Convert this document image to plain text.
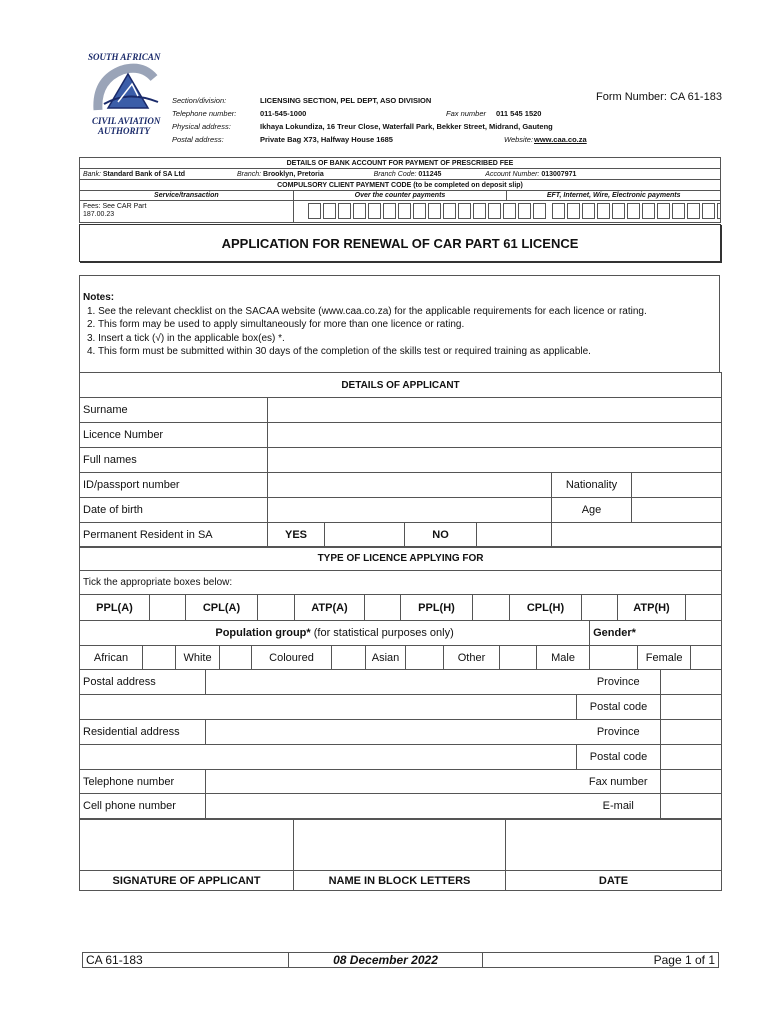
SOUTH AFRICAN
CIVIL AVIATION
AUTHORITY
Form Number: CA 61-183
Section/division:	LICENSING SECTION, PEL DEPT, ASO DIVISION
Telephone number:	011-545-1000	Fax number 011 545 1520
Physical address:	Ikhaya Lokundiza, 16 Treur Close, Waterfall Park, Bekker Street, Midrand, Gauteng
Postal address:	Private Bag X73, Halfway House 1685	Website: www.caa.co.za
DETAILS OF BANK ACCOUNT FOR PAYMENT OF PRESCRIBED FEE		
Bank: Standard Bank of SA Ltd Branch: Brooklyn, Pretoria Branch Code: 011245 Account Number: 013007971		
COMPULSORY CLIENT PAYMENT CODE (to be completed on deposit slip)		
Service/transaction	Over the counter payments	EFT, Internet, Wire, Electronic payments

Fees: See CAR Part
187.00.23		

APPLICATION FOR RENEWAL OF CAR PART 61 LICENCE
Notes:
1. See the relevant checklist on the SACAA website (www.caa.co.za) for the applicable requirements for each licence or rating.
2. This form may be used to apply simultaneously for more than one licence or rating.
3. Insert a tick (√) in the applicable box(es) *.
4. This form must be submitted within 30 days of the completion of the skills test or required training as applicable.
DETAILS OF APPLICANT						
Surname						
Licence Number						
Full names						
ID/passport number					Nationality	
Date of birth					Age	
Permanent Resident in SA	YES		NO			
TYPE OF LICENCE APPLYING FOR
Tick the appropriate boxes below:
PPL(A)		CPL(A)		ATP(A)		PPL(H)		CPL(H)		ATP(H)	
Population group* (for statistical purposes only)											Gender*		
African		White		Coloured		Asian		Other		Male		Female	
Postal address		Province	
		Postal code	
Residential address		Province	
		Postal code	
Telephone number		Fax number	
Cell phone number		E-mail	

SIGNATURE OF APPLICANT	NAME IN BLOCK LETTERS	DATE
CA 61-183	08 December 2022	Page 1 of 1
